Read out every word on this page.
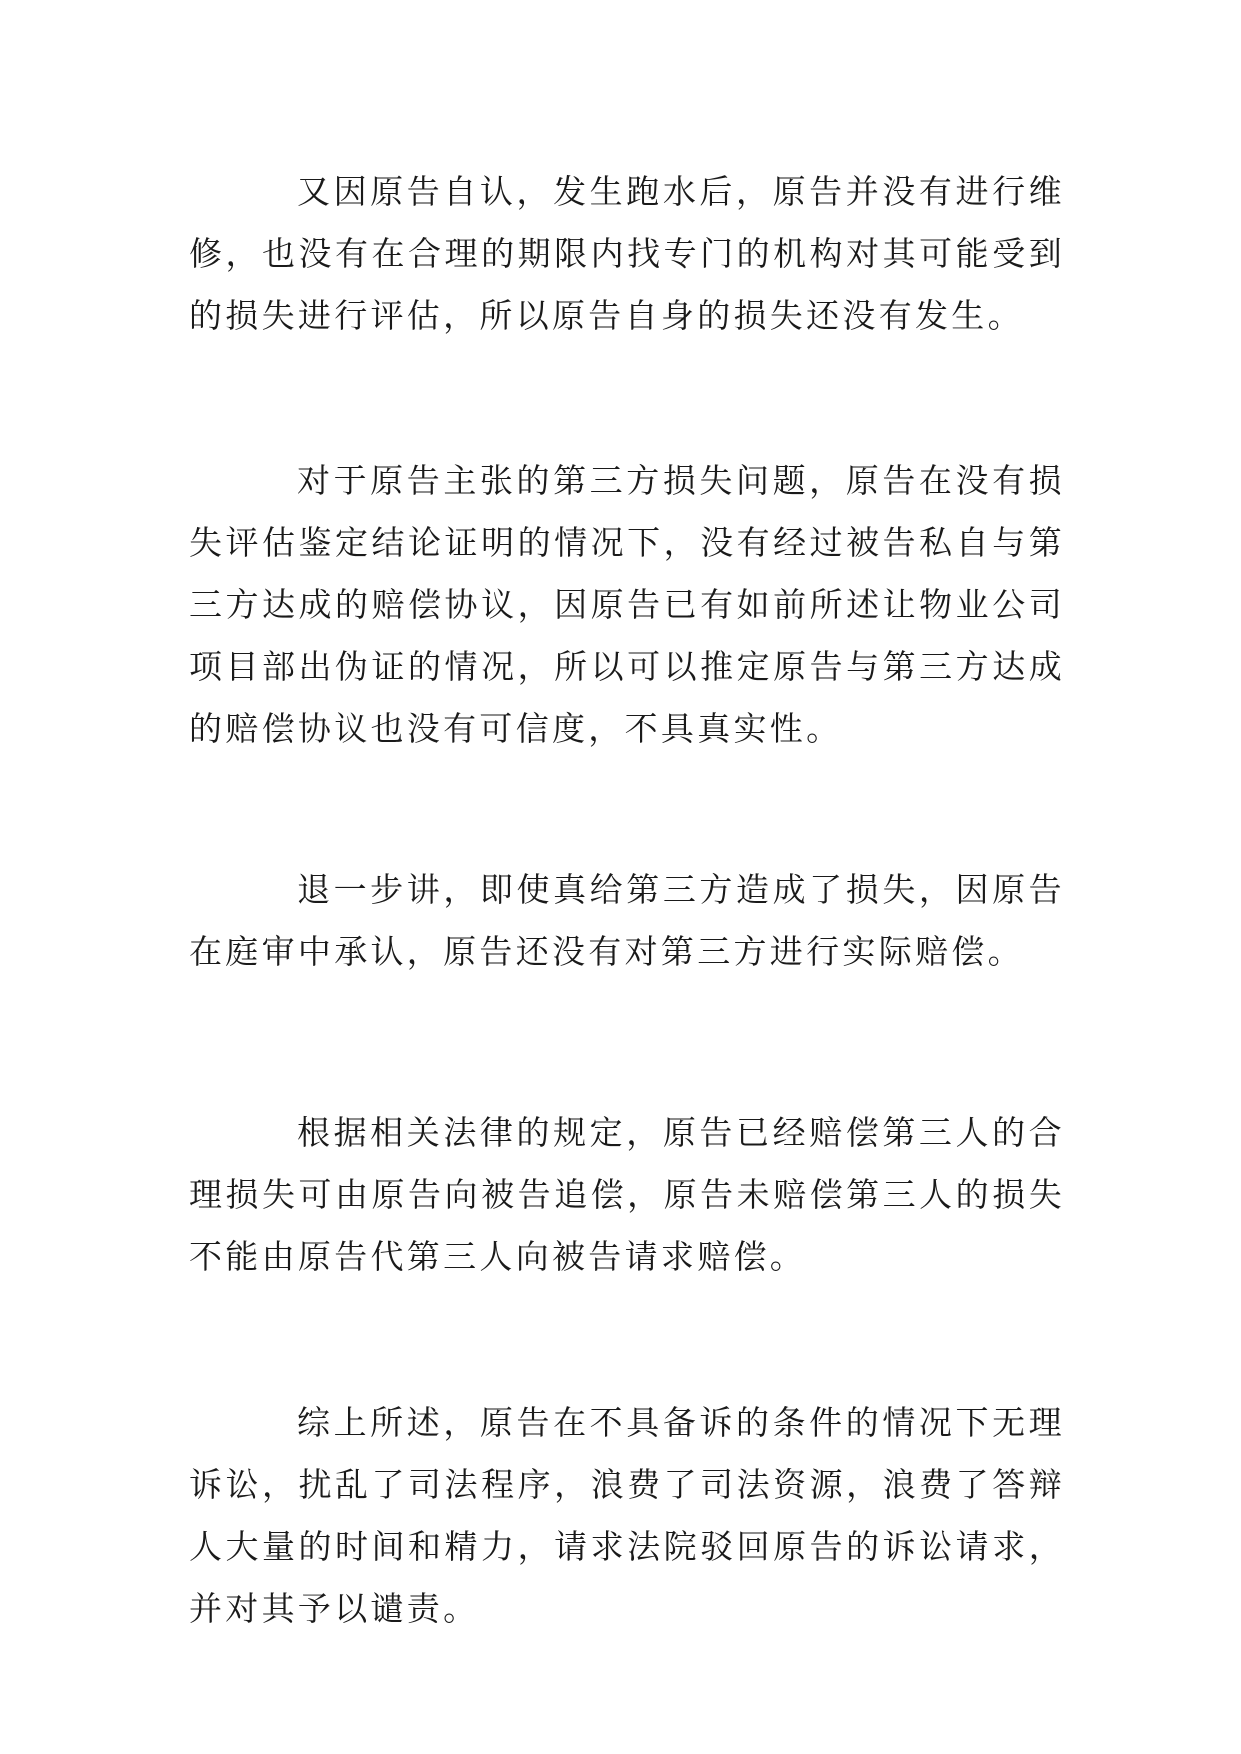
又因原告自认，发生跑水后，原告并没有进行维修，也没有在合理的期限内找专门的机构对其可能受到的损失进行评估，所以原告自身的损失还没有发生。

对于原告主张的第三方损失问题，原告在没有损失评估鉴定结论证明的情况下，没有经过被告私自与第三方达成的赔偿协议，因原告已有如前所述让物业公司项目部出伪证的情况，所以可以推定原告与第三方达成的赔偿协议也没有可信度，不具真实性。

退一步讲，即使真给第三方造成了损失，因原告在庭审中承认，原告还没有对第三方进行实际赔偿。

根据相关法律的规定，原告已经赔偿第三人的合理损失可由原告向被告追偿，原告未赔偿第三人的损失不能由原告代第三人向被告请求赔偿。

综上所述，原告在不具备诉的条件的情况下无理诉讼，扰乱了司法程序，浪费了司法资源，浪费了答辩人大量的时间和精力，请求法院驳回原告的诉讼请求，并对其予以谴责。
